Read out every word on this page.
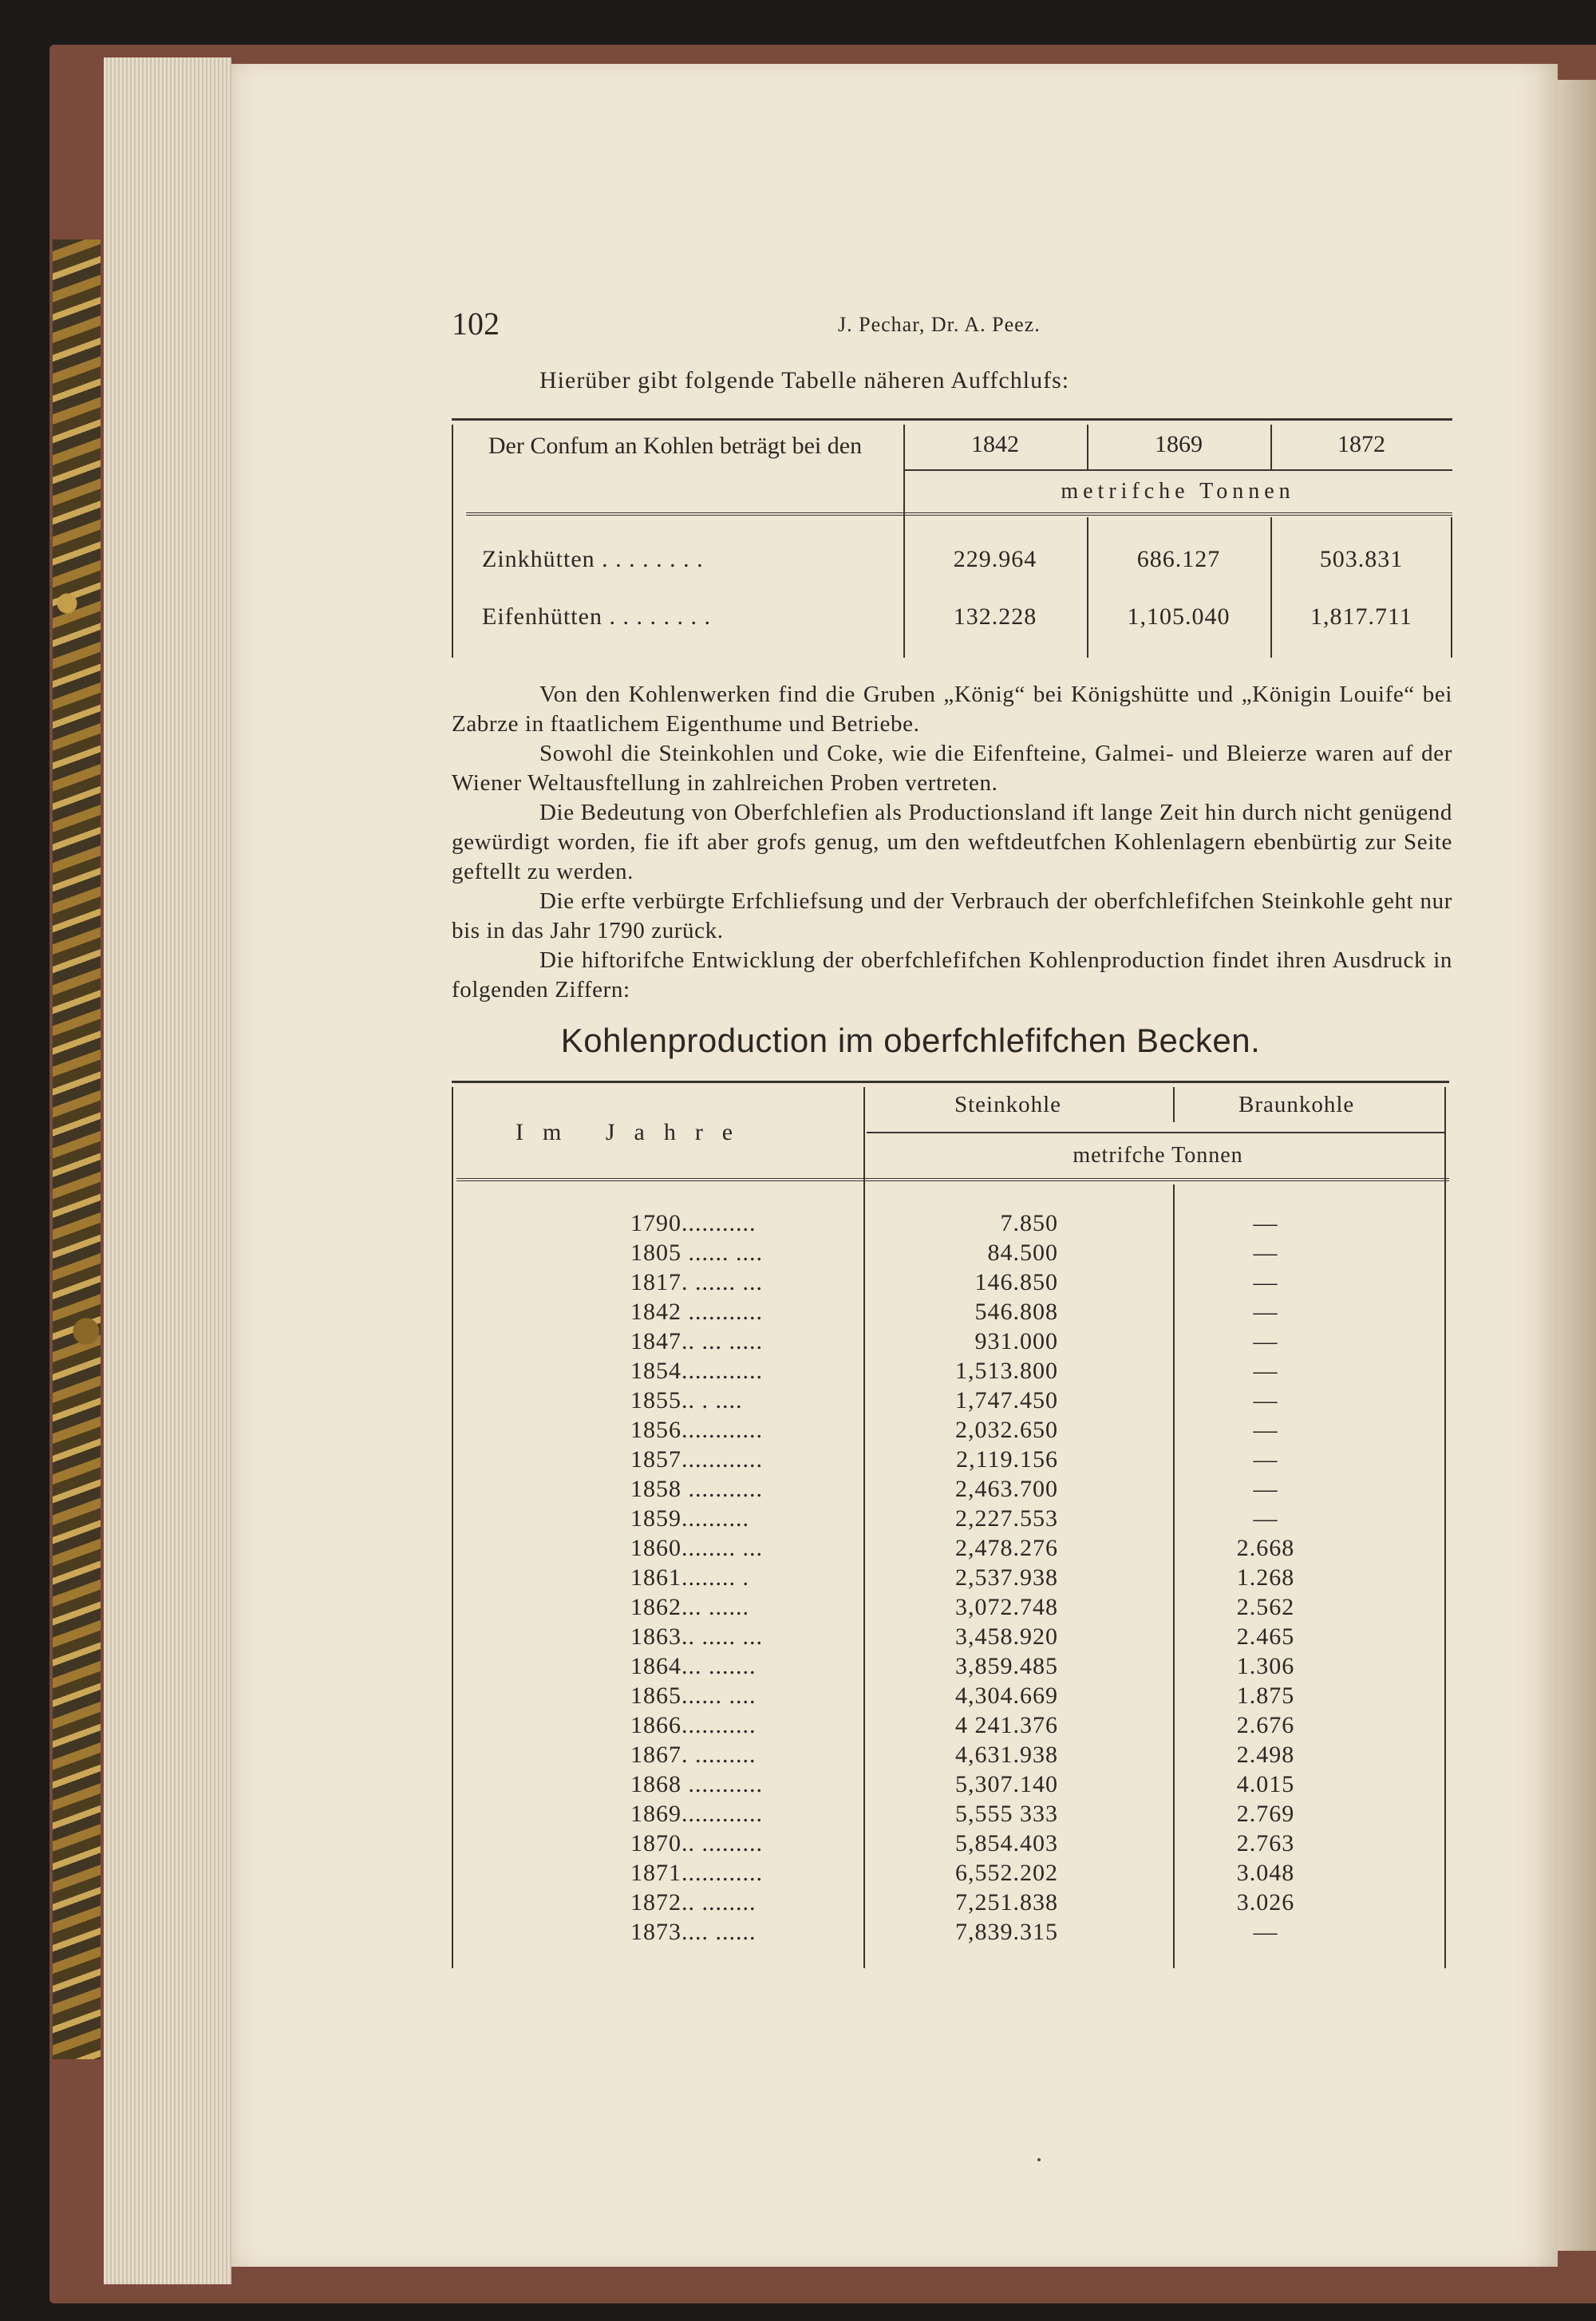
102	J. Pechar, Dr. A. Peez.
Hierüber gibt folgende Tabelle näheren Auffchlufs:
Der Confum an Kohlen beträgt bei den	1842	1869	1872
metrifche Tonnen
Zinkhütten . . . . . . . .	229.964	686.127	503.831
Eifenhütten . . . . . . . .	132.228	1,105.040	1,817.711
Von den Kohlenwerken find die Gruben „König“ bei Königshütte und „Königin Louife“ bei Zabrze in ftaatlichem Eigenthume und Betriebe.
Sowohl die Steinkohlen und Coke, wie die Eifenfteine, Galmei- und Bleierze waren auf der Wiener Weltausftellung in zahlreichen Proben vertreten.
Die Bedeutung von Oberfchlefien als Productionsland ift lange Zeit hin durch nicht genügend gewürdigt worden, fie ift aber grofs genug, um den weftdeutfchen Kohlenlagern ebenbürtig zur Seite geftellt zu werden.
Die erfte verbürgte Erfchliefsung und der Verbrauch der oberfchlefifchen Steinkohle geht nur bis in das Jahr 1790 zurück.
Die hiftorifche Entwicklung der oberfchlefifchen Kohlenproduction findet ihren Ausdruck in folgenden Ziffern:
Kohlenproduction im oberfchlefifchen Becken.
Im Jahre
Steinkohle	Braunkohle
metrifche Tonnen
1790...........	7.850	—
1805 ...... ....	84.500	—
1817. ...... ...	146.850	—
1842 ...........	546.808	—
1847.. ... .....	931.000	—
1854............	1,513.800	—
1855.. . ....	1,747.450	—
1856............	2,032.650	—
1857............	2,119.156	—
1858 ...........	2,463.700	—
1859..........	2,227.553	—
1860........ ...	2,478.276	2.668
1861........ .	2,537.938	1.268
1862... ......	3,072.748	2.562
1863.. ..... ...	3,458.920	2.465
1864... .......	3,859.485	1.306
1865...... ....	4,304.669	1.875
1866...........	4 241.376	2.676
1867. .........	4,631.938	2.498
1868 ...........	5,307.140	4.015
1869............	5,555 333	2.769
1870.. .........	5,854.403	2.763
1871............	6,552.202	3.048
1872.. ........	7,251.838	3.026
1873.... ......	7,839.315	—
